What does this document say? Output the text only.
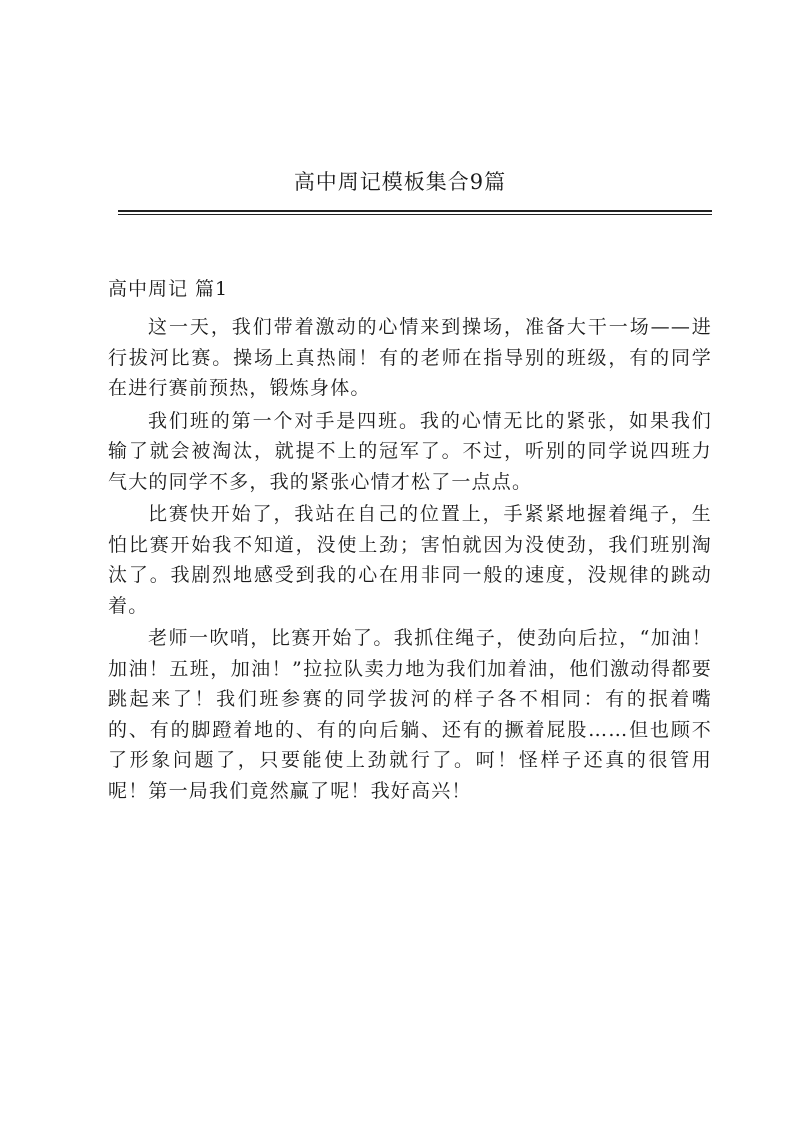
高中周记模板集合9篇
高中周记 篇1

这一天，我们带着激动的心情来到操场，准备大干一场——进行拔河比赛。操场上真热闹！有的老师在指导别的班级，有的同学在进行赛前预热，锻炼身体。

我们班的第一个对手是四班。我的心情无比的紧张，如果我们输了就会被淘汰，就提不上的冠军了。不过，听别的同学说四班力气大的同学不多，我的紧张心情才松了一点点。

比赛快开始了，我站在自己的位置上，手紧紧地握着绳子，生怕比赛开始我不知道，没使上劲；害怕就因为没使劲，我们班别淘汰了。我剧烈地感受到我的心在用非同一般的速度，没规律的跳动着。

老师一吹哨，比赛开始了。我抓住绳子，使劲向后拉，“加油！加油！五班，加油！”拉拉队卖力地为我们加着油，他们激动得都要跳起来了！我们班参赛的同学拔河的样子各不相同：有的抿着嘴的、有的脚蹬着地的、有的向后躺、还有的撅着屁股……但也顾不了形象问题了，只要能使上劲就行了。呵！怪样子还真的很管用呢！第一局我们竟然赢了呢！我好高兴！
